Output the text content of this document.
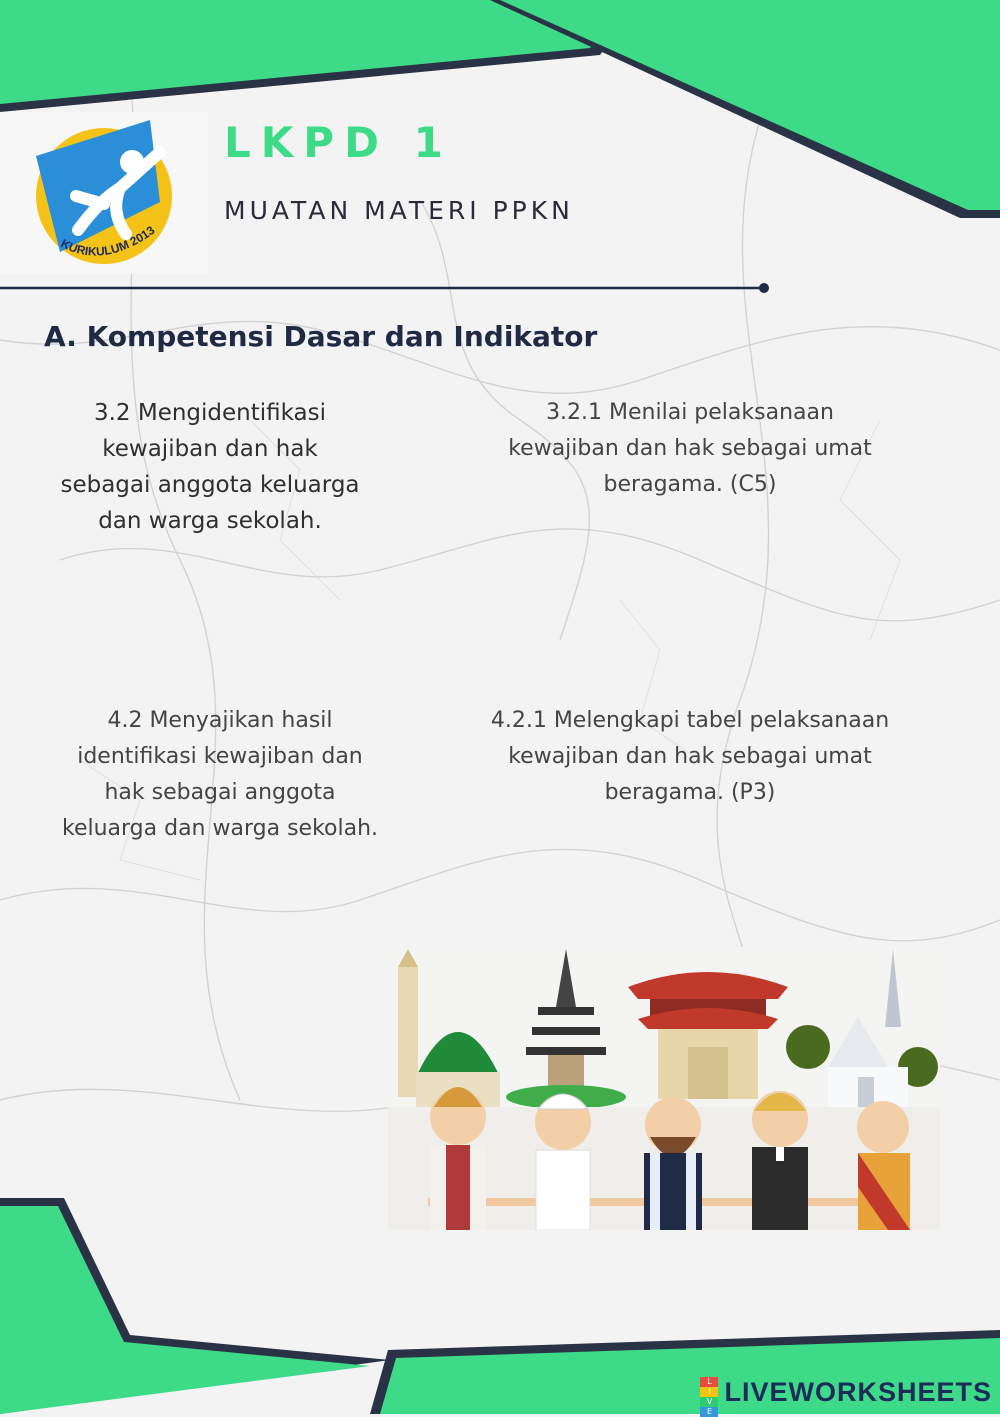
KURIKULUM 2013
LKPD 1

MUATAN MATERI PPKN

A. Kompetensi Dasar dan Indikator
3.2 Mengidentifikasi
kewajiban dan hak
sebagai anggota keluarga
dan warga sekolah.
3.2.1 Menilai pelaksanaan
kewajiban dan hak sebagai umat
beragama. (C5)
4.2 Menyajikan hasil
identifikasi kewajiban dan
hak sebagai anggota
keluarga dan warga sekolah.
4.2.1 Melengkapi tabel pelaksanaan
kewajiban dan hak sebagai umat
beragama. (P3)
L
I
V
E
LIVEWORKSHEETS
